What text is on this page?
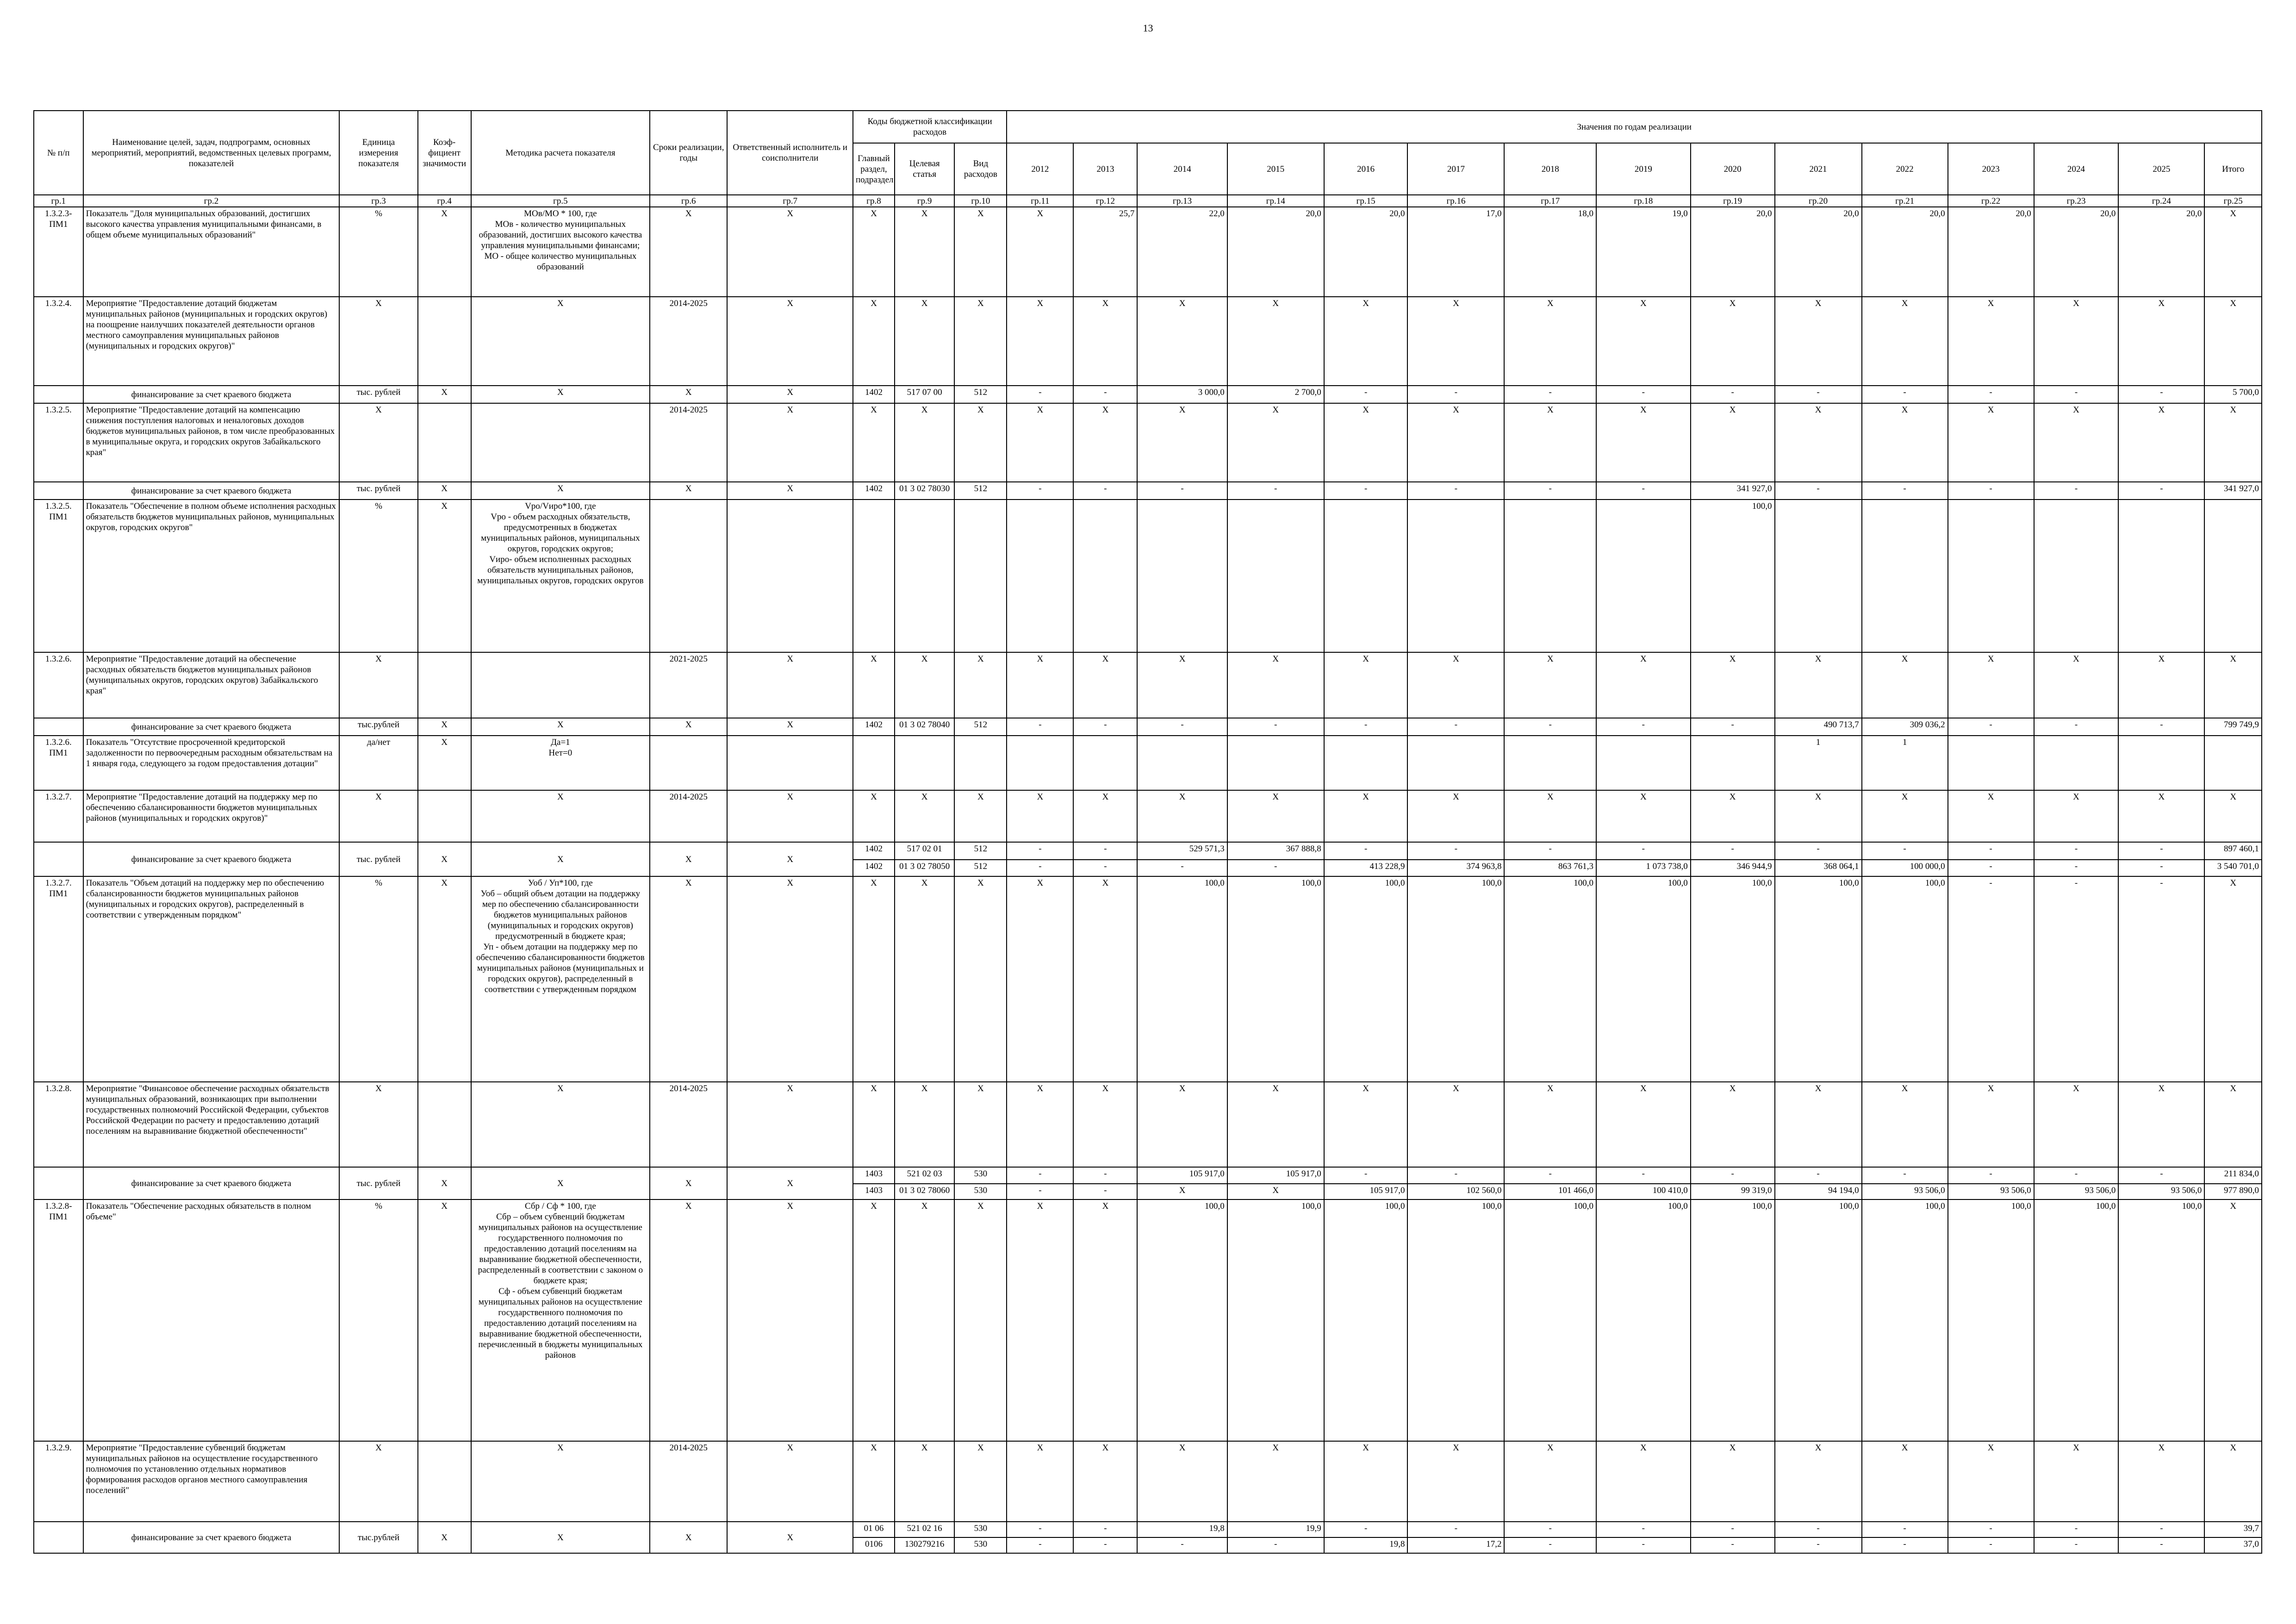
13
№ п/п	Наименование целей, задач, подпрограмм, основных мероприятий, мероприятий, ведомственных целевых программ, показателей	Единица измерения показателя	Коэф-фициент значимости	Методика расчета показателя	Сроки реализации, годы	Ответственный исполнитель и соисполнители	Коды бюджетной классификации расходов			Значения по годам реализации														
							Главный раздел, подраздел	Целевая статья	Вид расходов	2012	2013	2014	2015	2016	2017	2018	2019	2020	2021	2022	2023	2024	2025	Итого
гр.1	гр.2	гр.3	гр.4	гр.5	гр.6	гр.7	гр.8	гр.9	гр.10	гр.11	гр.12	гр.13	гр.14	гр.15	гр.16	гр.17	гр.18	гр.19	гр.20	гр.21	гр.22	гр.23	гр.24	гр.25
1.3.2.3-ПМ1	Показатель "Доля муниципальных образований, достигших высокого качества управления муниципальными финансами, в общем объеме муниципальных образований"	%	X	МОв/МО * 100, где
МОв - количество муниципальных образований, достигших высокого качества управления муниципальными финансами;
МО - общее количество муниципальных образований	X	X	X	X	X	X	25,7	22,0	20,0	20,0	17,0	18,0	19,0	20,0	20,0	20,0	20,0	20,0	20,0	X
1.3.2.4.	Мероприятие "Предоставление дотаций бюджетам муниципальных районов (муниципальных и городских округов) на поощрение наилучших показателей деятельности органов местного самоуправления муниципальных районов (муниципальных и городских округов)"	X		X	2014-2025	X	X	X	X	X	X	X	X	X	X	X	X	X	X	X	X	X	X	X
	финансирование за счет краевого бюджета	тыс. рублей	X	X	X	X	1402	517 07 00	512	-	-	3 000,0	2 700,0	-	-	-	-	-	-	-	-	-	-	5 700,0
1.3.2.5.	Мероприятие "Предоставление дотаций на компенсацию снижения поступления налоговых и неналоговых доходов бюджетов муниципальных районов, в том числе преобразованных в муниципальные округа, и городских округов Забайкальского края"	X			2014-2025	X	X	X	X	X	X	X	X	X	X	X	X	X	X	X	X	X	X	X
	финансирование за счет краевого бюджета	тыс. рублей	X	X	X	X	1402	01 3 02 78030	512	-	-	-	-	-	-	-	-	341 927,0	-	-	-	-	-	341 927,0
1.3.2.5. ПМ1	Показатель "Обеспечение в полном объеме исполнения расходных обязательств бюджетов муниципальных районов, муниципальных округов, городских округов"	%	X	Vро/Vиро*100, где
Vро - объем расходных обязательств, предусмотренных в бюджетах муниципальных районов, муниципальных округов, городских округов;
Vиро- объем исполненных расходных обязательств муниципальных районов, муниципальных округов, городских округов														100,0						
1.3.2.6.	Мероприятие "Предоставление дотаций на обеспечение расходных обязательств бюджетов муниципальных районов (муниципальных округов, городских округов) Забайкальского края"	X			2021-2025	X	X	X	X	X	X	X	X	X	X	X	X	X	X	X	X	X	X	X
	финансирование за счет краевого бюджета	тыс.рублей	X	X	X	X	1402	01 3 02 78040	512	-	-	-	-	-	-	-	-	-	490 713,7	309 036,2	-	-	-	799 749,9
1.3.2.6. ПМ1	Показатель "Отсутствие просроченной кредиторской задолженности по первоочередным расходным обязательствам на 1 января года, следующего за годом предоставления дотации"	да/нет	X	Да=1
Нет=0															1	1				
1.3.2.7.	Мероприятие "Предоставление дотаций на поддержку мер по обеспечению сбалансированности бюджетов муниципальных районов (муниципальных и городских округов)"	X		X	2014-2025	X	X	X	X	X	X	X	X	X	X	X	X	X	X	X	X	X	X	X
	финансирование за счет краевого бюджета	тыс. рублей	X	X	X	X	1402	517 02 01	512	-	-	529 571,3	367 888,8	-	-	-	-	-	-	-	-	-	-	897 460,1
							1402	01 3 02 78050	512	-	-	-	-	413 228,9	374 963,8	863 761,3	1 073 738,0	346 944,9	368 064,1	100 000,0	-	-	-	3 540 701,0
1.3.2.7. ПМ1	Показатель "Объем дотаций на поддержку мер по обеспечению сбалансированности бюджетов муниципальных районов (муниципальных и городских округов), распределенный в соответствии с утвержденным порядком"	%	X	Уоб / Уп*100, где
Уоб – общий объем дотации на поддержку мер по обеспечению сбалансированности бюджетов муниципальных районов (муниципальных и городских округов) предусмотренный в бюджете края;
Уп - объем дотации на поддержку мер по обеспечению сбалансированности бюджетов муниципальных районов (муниципальных и городских округов), распределенный в соответствии с утвержденным порядком	X	X	X	X	X	X	X	100,0	100,0	100,0	100,0	100,0	100,0	100,0	100,0	100,0	-	-	-	X
1.3.2.8.	Мероприятие "Финансовое обеспечение расходных обязательств муниципальных образований, возникающих при выполнении государственных полномочий Российской Федерации, субъектов Российской Федерации по расчету и предоставлению дотаций поселениям на выравнивание бюджетной обеспеченности"	X		X	2014-2025	X	X	X	X	X	X	X	X	X	X	X	X	X	X	X	X	X	X	X
	финансирование за счет краевого бюджета	тыс. рублей	X	X	X	X	1403	521 02 03	530	-	-	105 917,0	105 917,0	-	-	-	-	-	-	-	-	-	-	211 834,0
							1403	01 3 02 78060	530	-	-	X	X	105 917,0	102 560,0	101 466,0	100 410,0	99 319,0	94 194,0	93 506,0	93 506,0	93 506,0	93 506,0	977 890,0
1.3.2.8- ПМ1	Показатель "Обеспечение расходных обязательств в полном объеме"	%	X	Сбр / Сф * 100, где
Сбр – объем субвенций бюджетам муниципальных районов на осуществление государственного полномочия по предоставлению дотаций поселениям на выравнивание бюджетной обеспеченности, распределенный в соответствии с законом о бюджете края;
Сф - объем субвенций бюджетам муниципальных районов на осуществление государственного полномочия по предоставлению дотаций поселениям на выравнивание бюджетной обеспеченности, перечисленный в бюджеты муниципальных районов	X	X	X	X	X	X	X	100,0	100,0	100,0	100,0	100,0	100,0	100,0	100,0	100,0	100,0	100,0	100,0	X
1.3.2.9.	Мероприятие "Предоставление субвенций бюджетам муниципальных районов на осуществление государственного полномочия по установлению отдельных нормативов формирования расходов органов местного самоуправления поселений"	X		X	2014-2025	X	X	X	X	X	X	X	X	X	X	X	X	X	X	X	X	X	X	X
	финансирование за счет краевого бюджета	тыс.рублей	X	X	X	X	01 06	521 02 16	530	-	-	19,8	19,9	-	-	-	-	-	-	-	-	-	-	39,7
							0106	130279216	530	-	-	-	-	19,8	17,2	-	-	-	-	-	-	-	-	37,0
